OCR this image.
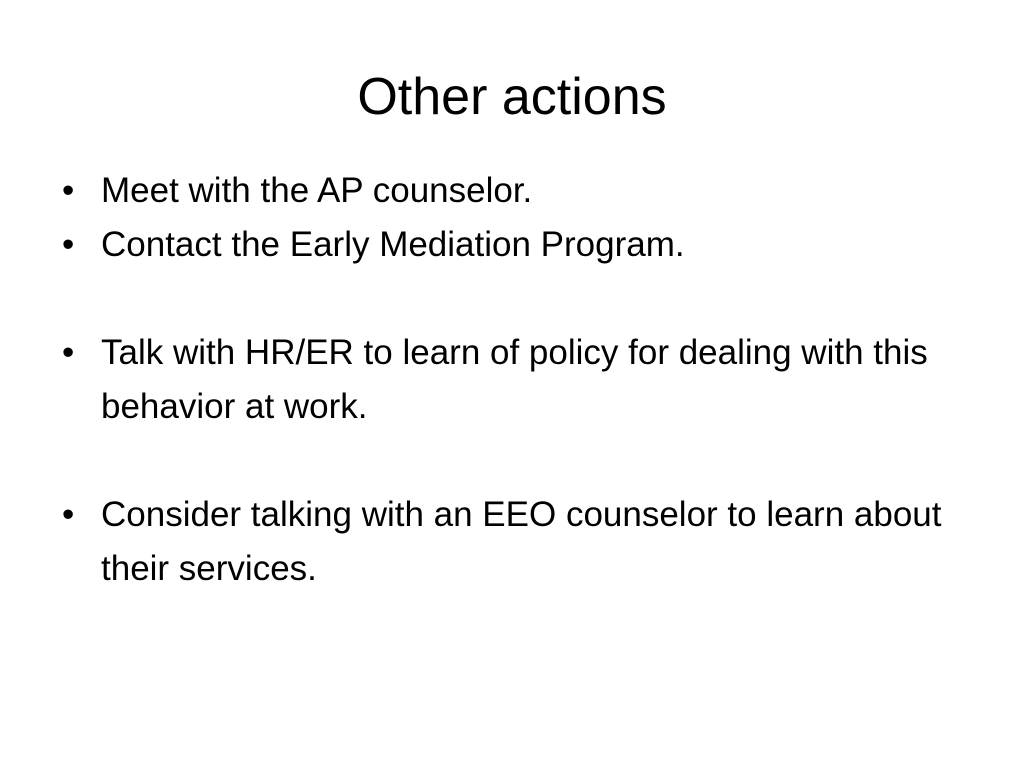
Other actions
• Meet with the AP counselor.
• Contact the Early Mediation Program.
• Talk with HR/ER to learn of policy for dealing with this behavior at work.
• Consider talking with an EEO counselor to learn about their services.
